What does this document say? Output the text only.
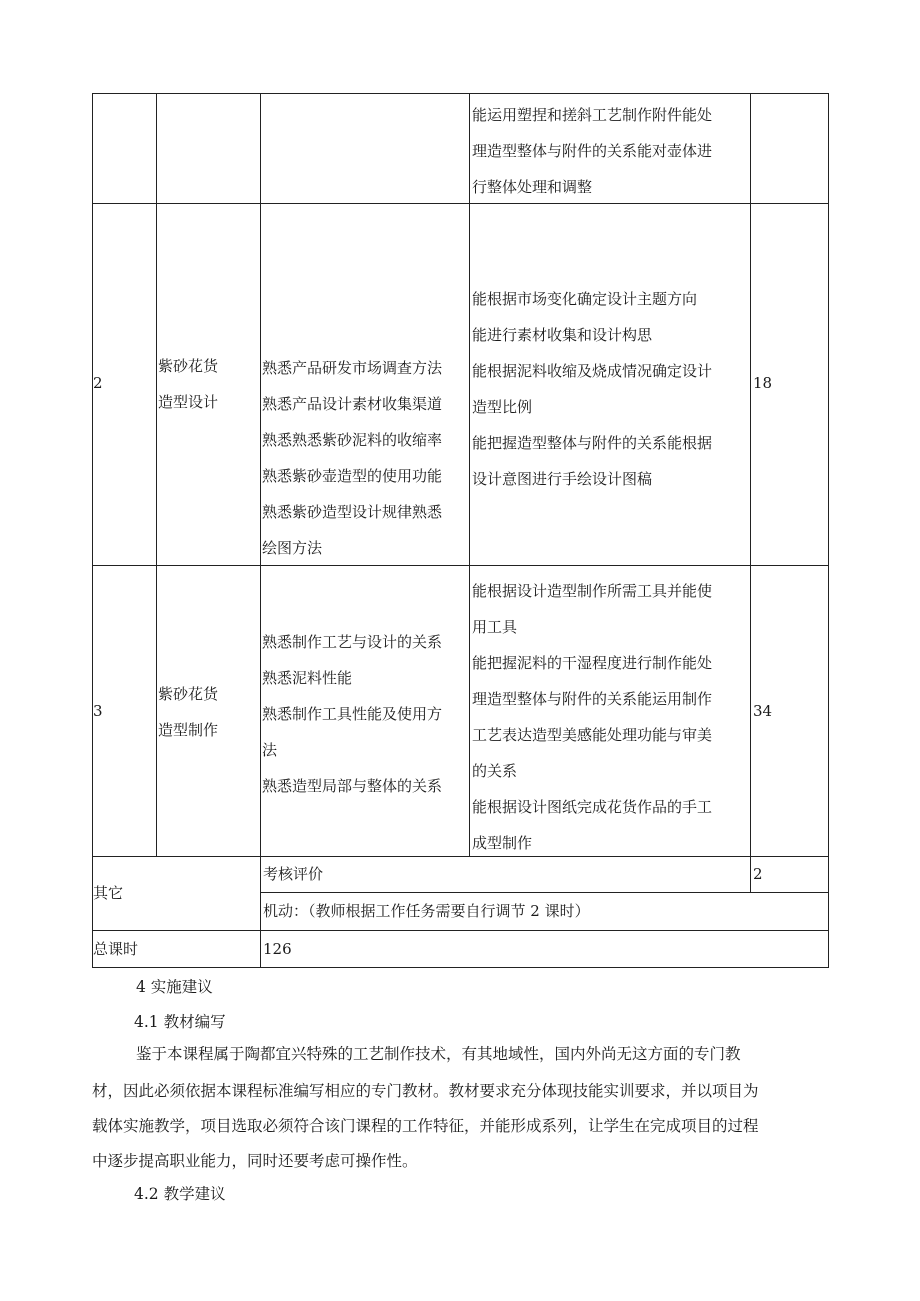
能运用塑捏和搓斜工艺制作附件能处
理造型整体与附件的关系能对壶体进
行整体处理和调整
2
紫砂花货
造型设计
熟悉产品研发市场调查方法
熟悉产品设计素材收集渠道
熟悉熟悉紫砂泥料的收缩率
熟悉紫砂壶造型的使用功能
熟悉紫砂造型设计规律熟悉
绘图方法
能根据市场变化确定设计主题方向
能进行素材收集和设计构思
能根据泥料收缩及烧成情况确定设计
造型比例
能把握造型整体与附件的关系能根据
设计意图进行手绘设计图稿
18
3
紫砂花货
造型制作
熟悉制作工艺与设计的关系
熟悉泥料性能
熟悉制作工具性能及使用方
法
熟悉造型局部与整体的关系
能根据设计造型制作所需工具并能使
用工具
能把握泥料的干湿程度进行制作能处
理造型整体与附件的关系能运用制作
工艺表达造型美感能处理功能与审美
的关系
能根据设计图纸完成花货作品的手工
成型制作
34
其它
考核评价	2
机动：（教师根据工作任务需要自行调节 2 课时）
总课时	126
4 实施建议
4.1 教材编写
鉴于本课程属于陶都宜兴特殊的工艺制作技术，有其地域性，国内外尚无这方面的专门教
材，因此必须依据本课程标准编写相应的专门教材。教材要求充分体现技能实训要求，并以项目为
载体实施教学，项目选取必须符合该门课程的工作特征，并能形成系列，让学生在完成项目的过程
中逐步提高职业能力，同时还要考虑可操作性。
4.2 教学建议
